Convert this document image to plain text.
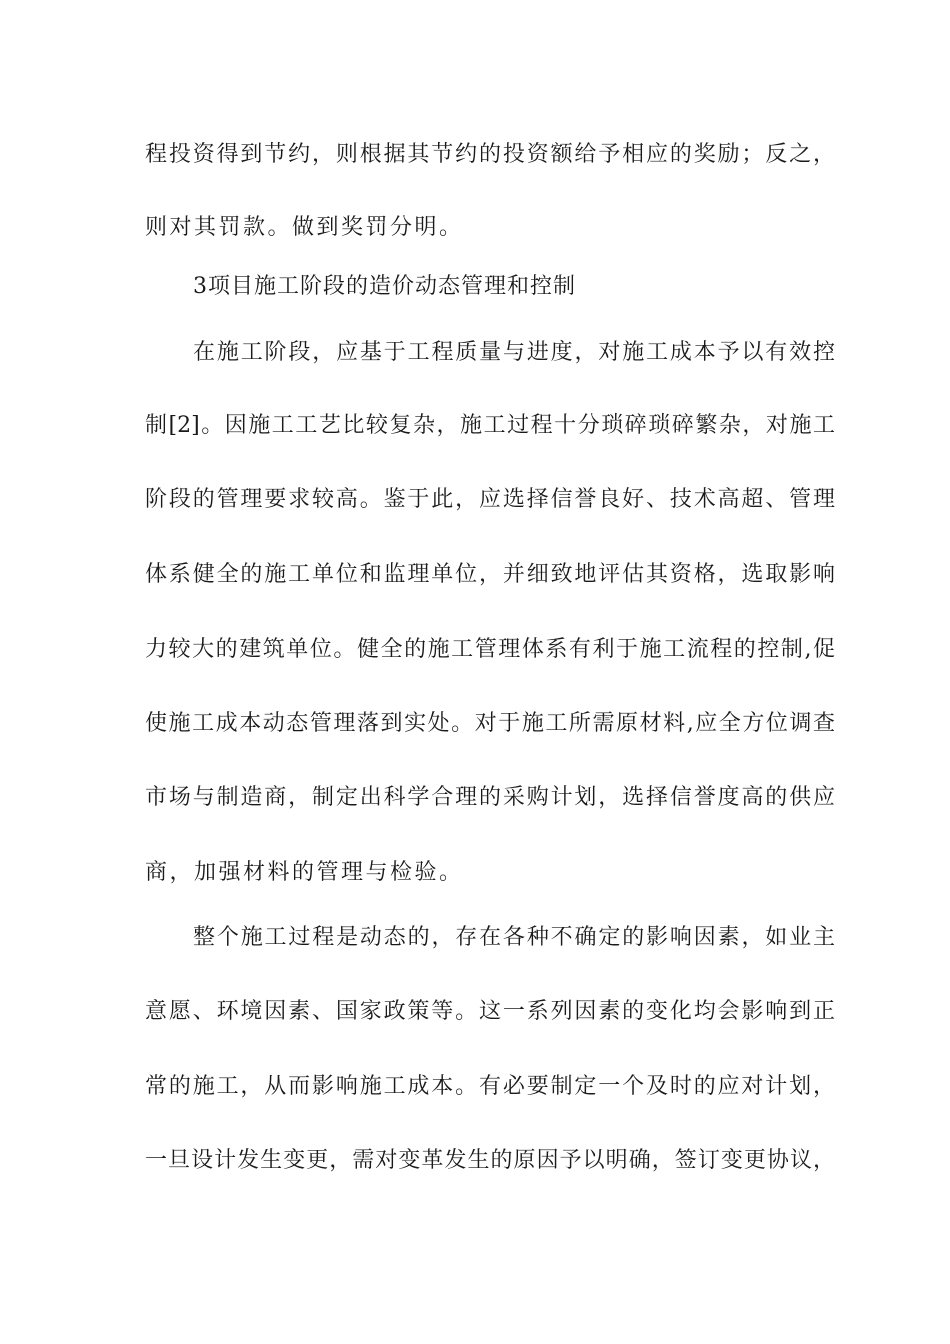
程投资得到节约，则根据其节约的投资额给予相应的奖励；反之，
则对其罚款。做到奖罚分明。
3项目施工阶段的造价动态管理和控制
在施工阶段，应基于工程质量与进度，对施工成本予以有效控
制[2]。因施工工艺比较复杂，施工过程十分琐碎琐碎繁杂，对施工
阶段的管理要求较高。鉴于此，应选择信誉良好、技术高超、管理
体系健全的施工单位和监理单位，并细致地评估其资格，选取影响
力较大的建筑单位。健全的施工管理体系有利于施工流程的控制,促
使施工成本动态管理落到实处。对于施工所需原材料,应全方位调查
市场与制造商，制定出科学合理的采购计划，选择信誉度高的供应
商，加强材料的管理与检验。
整个施工过程是动态的，存在各种不确定的影响因素，如业主
意愿、环境因素、国家政策等。这一系列因素的变化均会影响到正
常的施工，从而影响施工成本。有必要制定一个及时的应对计划，
一旦设计发生变更，需对变革发生的原因予以明确，签订变更协议，
